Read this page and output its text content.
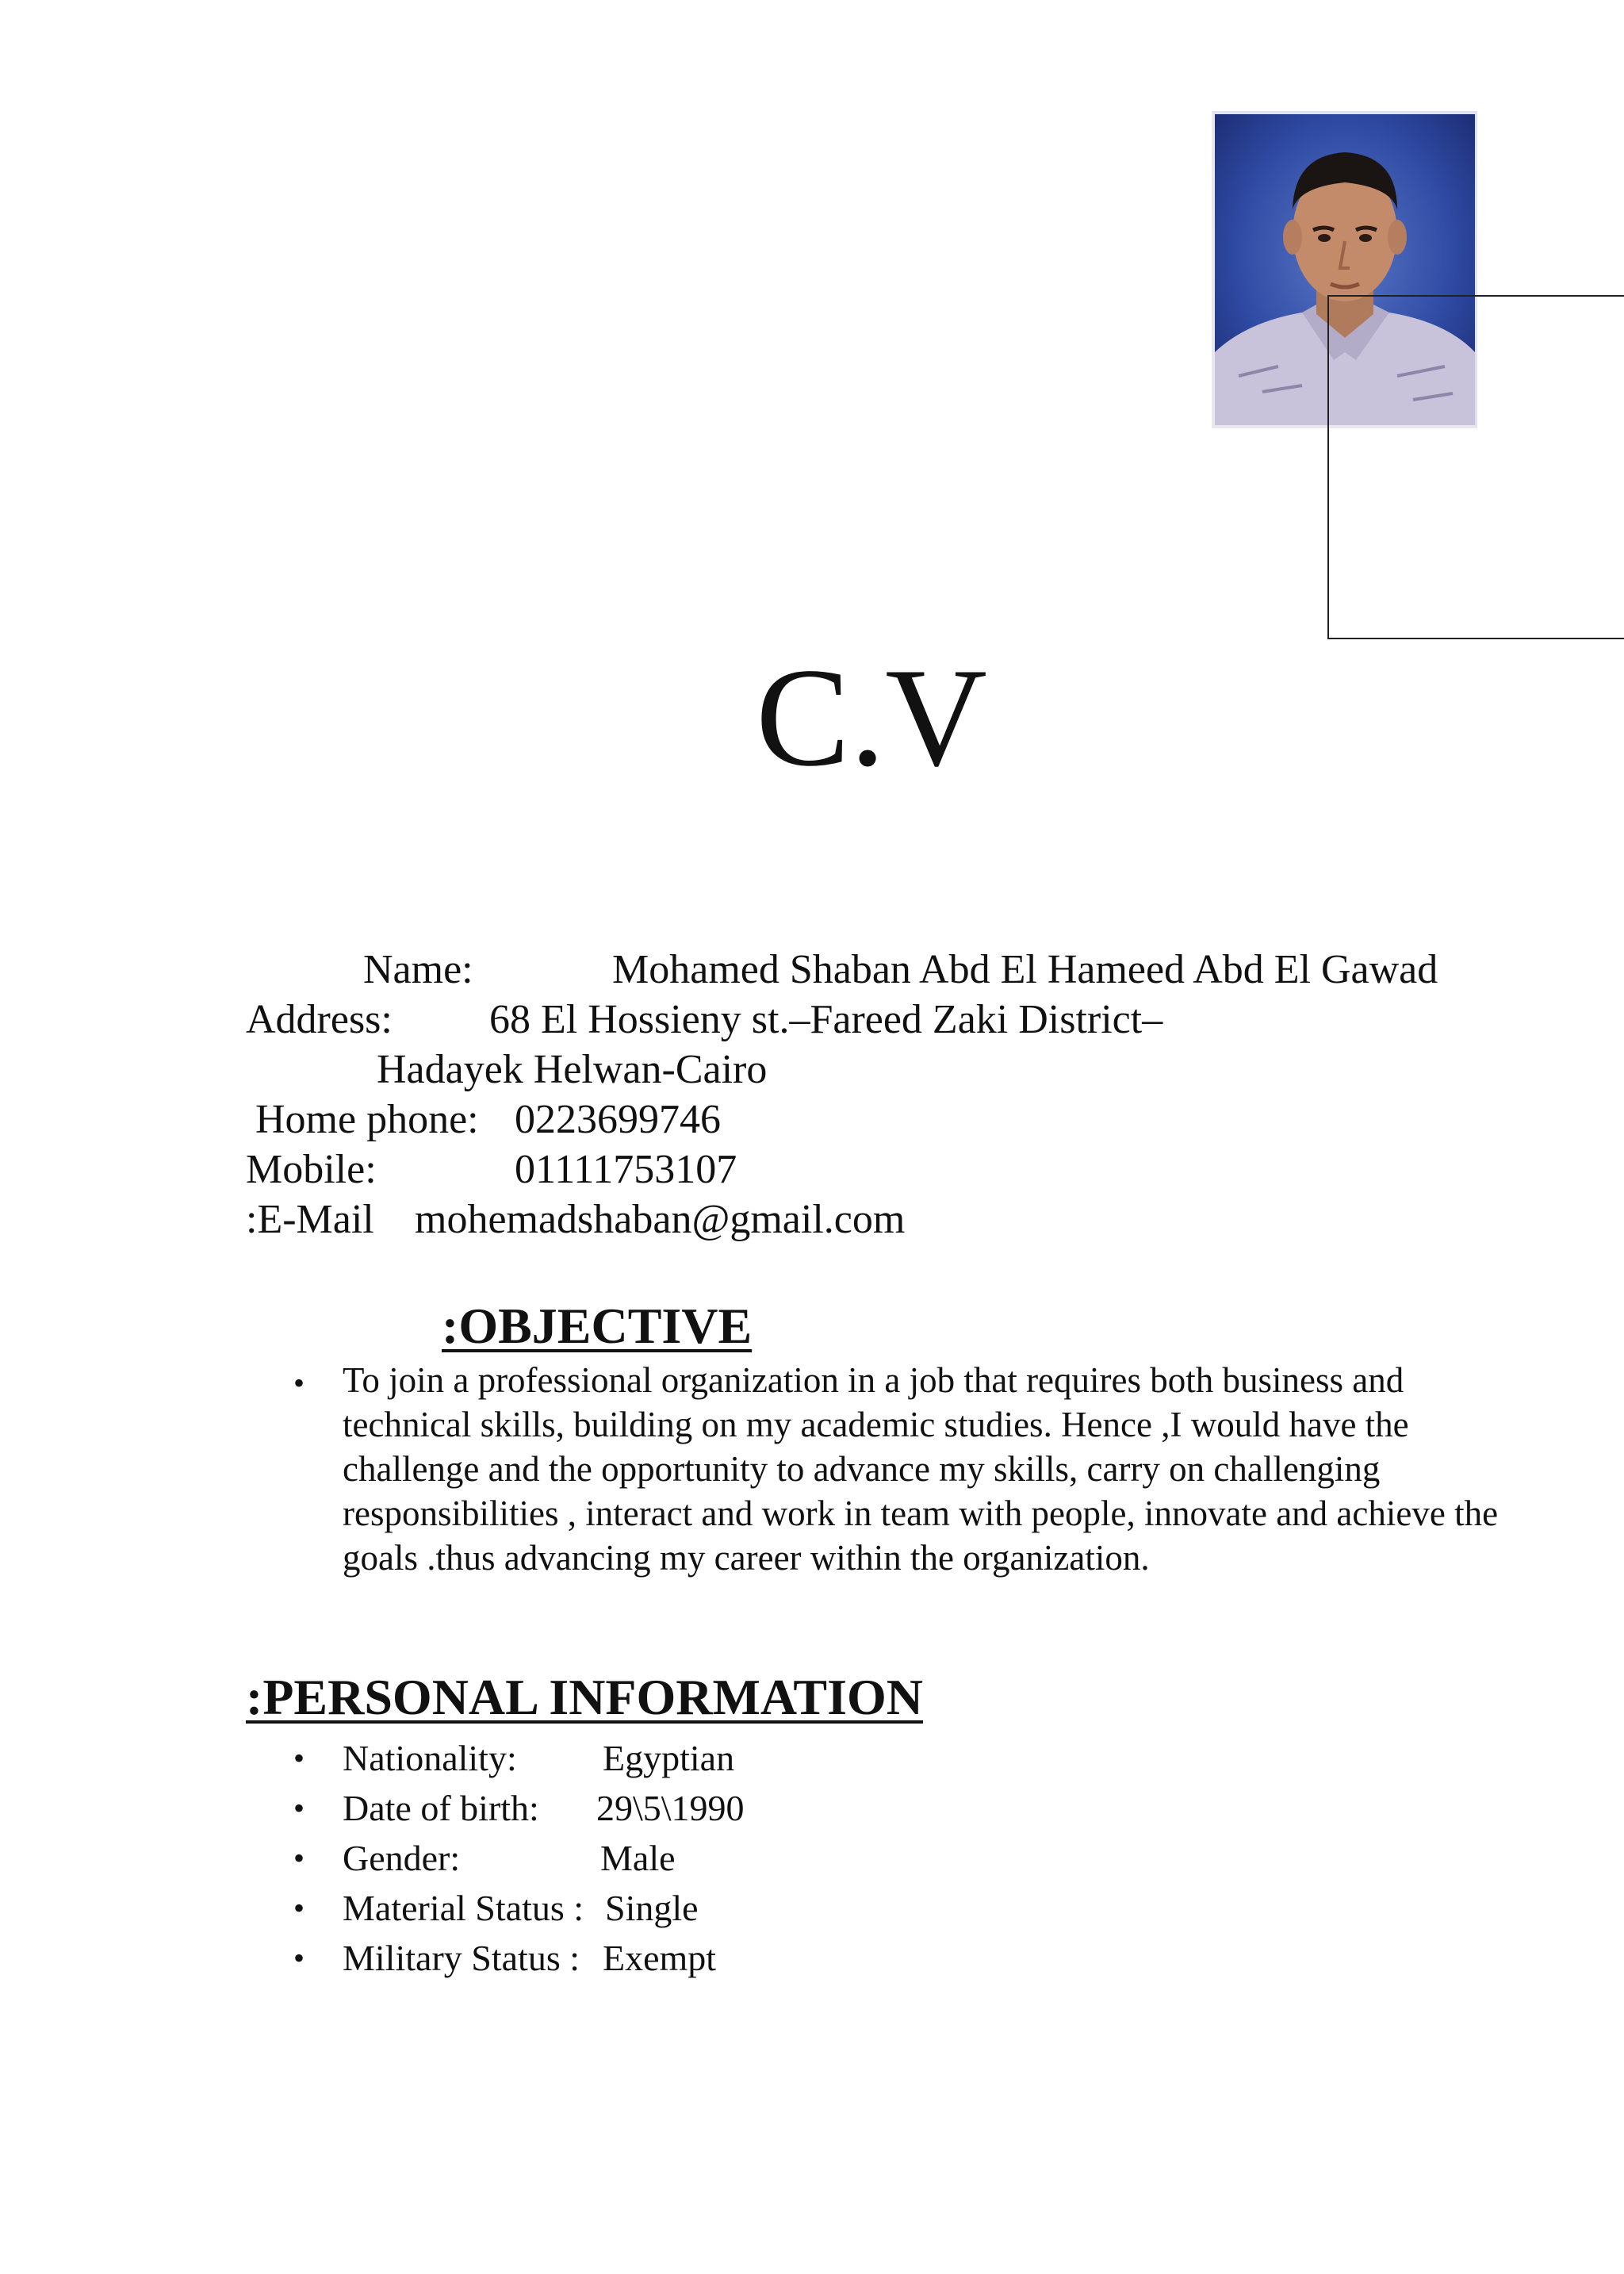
C.V
Name:	Mohamed Shaban Abd El Hameed Abd El Gawad
Address: 68 El Hossieny st.–Fareed Zaki District–
Hadayek Helwan-Cairo
Home phone: 0223699746
Mobile:	01111753107
:E-Mail mohemadshaban@gmail.com
:OBJECTIVE
• To join a professional organization in a job that requires both business and technical skills, building on my academic studies. Hence ,I would have the challenge and the opportunity to advance my skills, carry on challenging responsibilities , interact and work in team with people, innovate and achieve the goals .thus advancing my career within the organization.
:PERSONAL INFORMATION
• Nationality: Egyptian
• Date of birth: 29\5\1990
• Gender:	Male
• Material Status : Single
• Military Status : Exempt
